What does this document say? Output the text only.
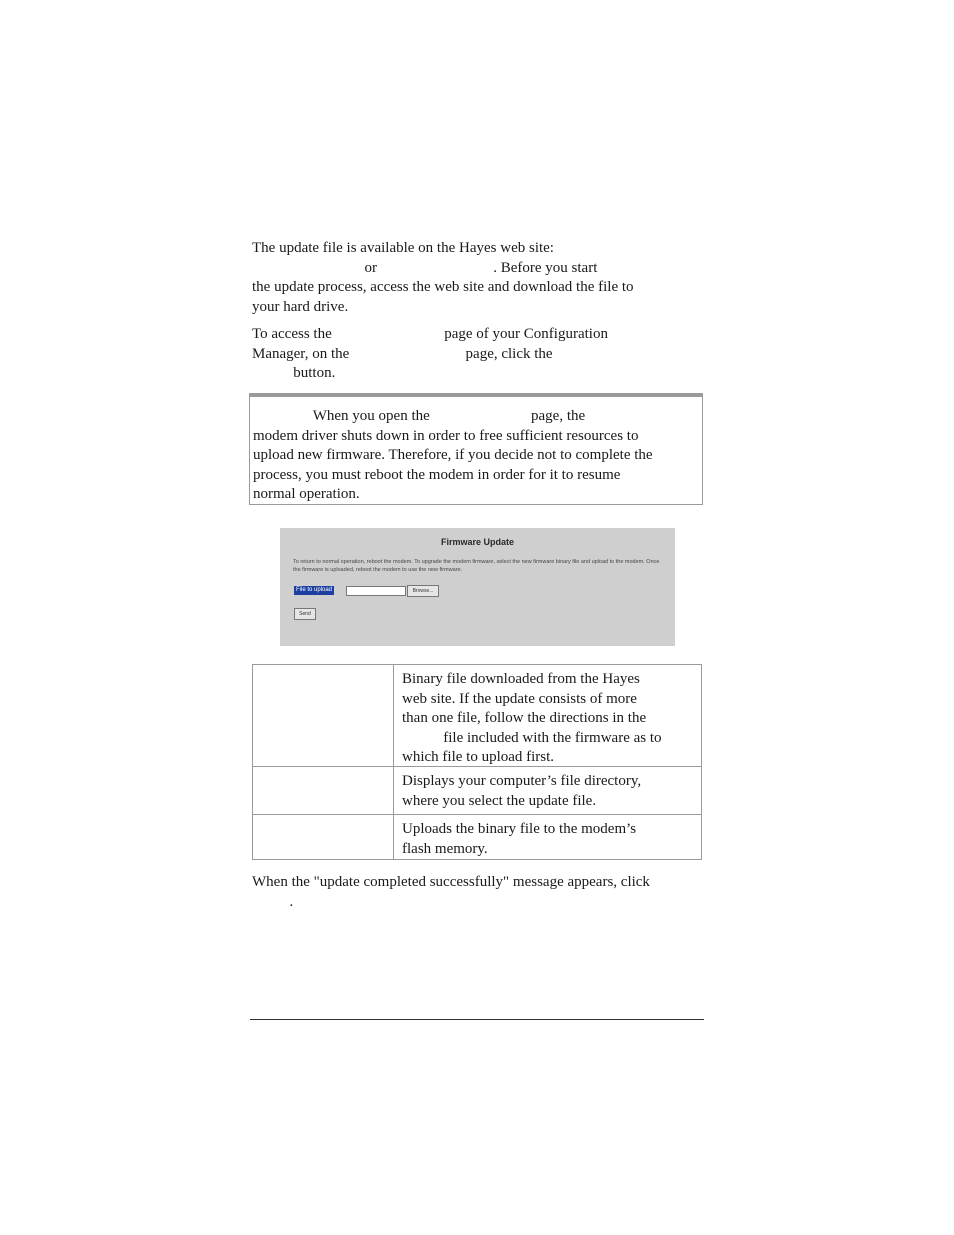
The update file is available on the Hayes web site:
or                               . Before you start
the update process, access the web site and download the file to
your hard drive.
To access the                              page of your Configuration
Manager, on the                               page, click the
button.
When you open the                           page, the
modem driver shuts down in order to free sufficient resources to
upload new firmware. Therefore, if you decide not to complete the
process, you must reboot the modem in order for it to resume
normal operation.
Firmware Update
To return to normal operation, reboot the modem. To upgrade the modem firmware, select the new firmware binary file and upload to the modem. Once the firmware is uploaded, reboot the modem to use the new firmware.
File to upload	Browse...
Send
Binary file downloaded from the Hayes
web site. If the update consists of more
than one file, follow the directions in the
file included with the firmware as to
which file to upload first.
Displays your computer’s file directory,
where you select the update file.
Uploads the binary file to the modem’s
flash memory.
When the "update completed successfully" message appears, click
.
